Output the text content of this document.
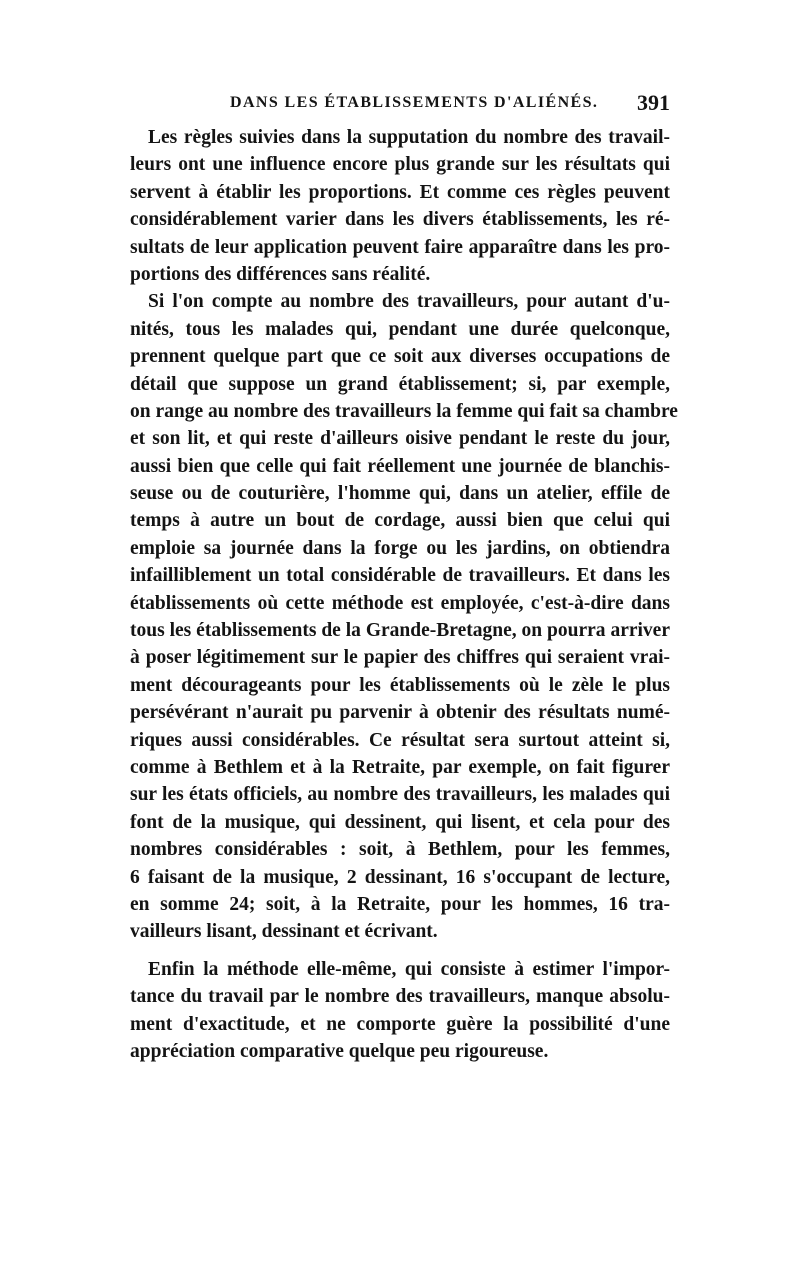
DANS LES ÉTABLISSEMENTS D'ALIÉNÉS. 391
Les règles suivies dans la supputation du nombre des travail-
leurs ont une influence encore plus grande sur les résultats qui
servent à établir les proportions. Et comme ces règles peuvent
considérablement varier dans les divers établissements, les ré-
sultats de leur application peuvent faire apparaître dans les pro-
portions des différences sans réalité.
Si l'on compte au nombre des travailleurs, pour autant d'u-
nités, tous les malades qui, pendant une durée quelconque,
prennent quelque part que ce soit aux diverses occupations de
détail que suppose un grand établissement; si, par exemple,
on range au nombre des travailleurs la femme qui fait sa chambre
et son lit, et qui reste d'ailleurs oisive pendant le reste du jour,
aussi bien que celle qui fait réellement une journée de blanchis-
seuse ou de couturière, l'homme qui, dans un atelier, effile de
temps à autre un bout de cordage, aussi bien que celui qui
emploie sa journée dans la forge ou les jardins, on obtiendra
infailliblement un total considérable de travailleurs. Et dans les
établissements où cette méthode est employée, c'est-à-dire dans
tous les établissements de la Grande-Bretagne, on pourra arriver
à poser légitimement sur le papier des chiffres qui seraient vrai-
ment décourageants pour les établissements où le zèle le plus
persévérant n'aurait pu parvenir à obtenir des résultats numé-
riques aussi considérables. Ce résultat sera surtout atteint si,
comme à Bethlem et à la Retraite, par exemple, on fait figurer
sur les états officiels, au nombre des travailleurs, les malades qui
font de la musique, qui dessinent, qui lisent, et cela pour des
nombres considérables : soit, à Bethlem, pour les femmes,
6 faisant de la musique, 2 dessinant, 16 s'occupant de lecture,
en somme 24; soit, à la Retraite, pour les hommes, 16 tra-
vailleurs lisant, dessinant et écrivant.
Enfin la méthode elle-même, qui consiste à estimer l'impor-
tance du travail par le nombre des travailleurs, manque absolu-
ment d'exactitude, et ne comporte guère la possibilité d'une
appréciation comparative quelque peu rigoureuse.
